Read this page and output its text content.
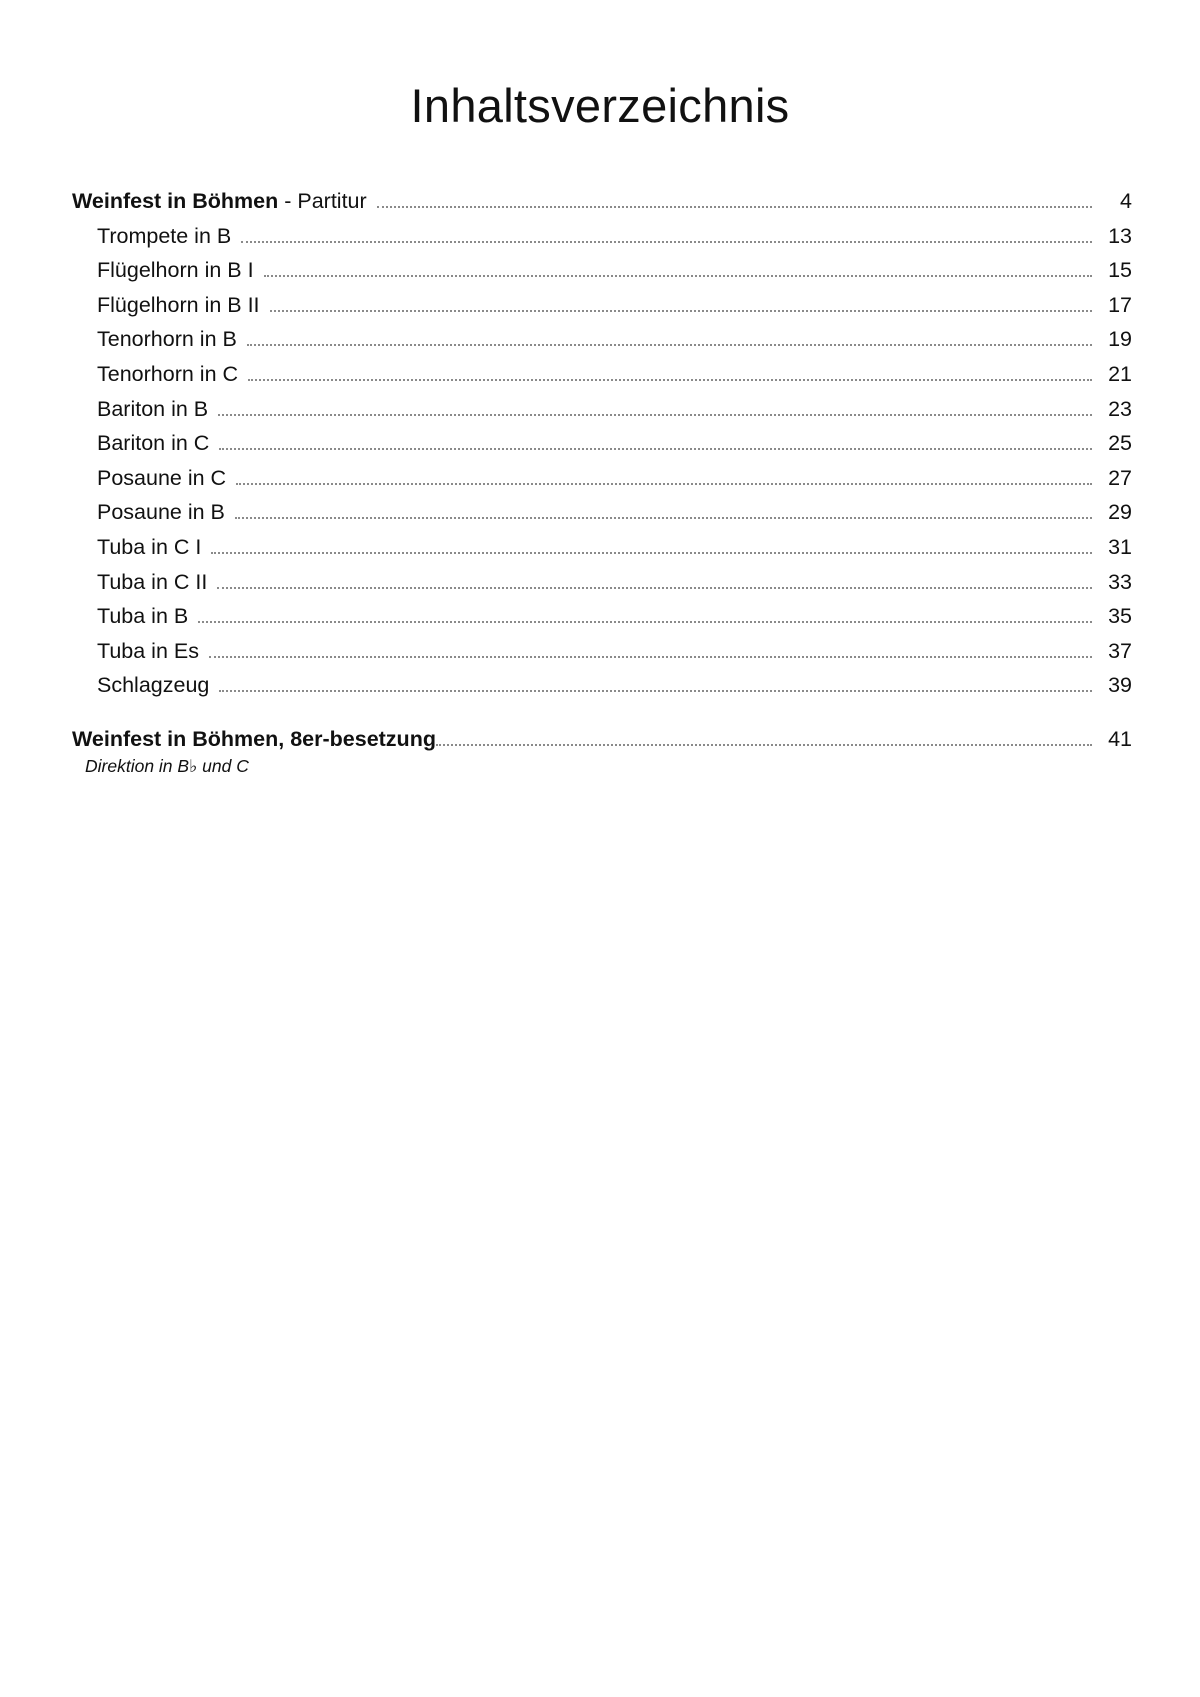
Inhaltsverzeichnis
Weinfest in Böhmen - Partitur	4
Trompete in B	13
Flügelhorn in B I	15
Flügelhorn in B II	17
Tenorhorn in B	19
Tenorhorn in C	21
Bariton in B	23
Bariton in C	25
Posaune in C	27
Posaune in B	29
Tuba in C I	31
Tuba in C II	33
Tuba in B	35
Tuba in Es	37
Schlagzeug	39
Weinfest in Böhmen, 8er-besetzung	41
Direktion in B♭ und C
